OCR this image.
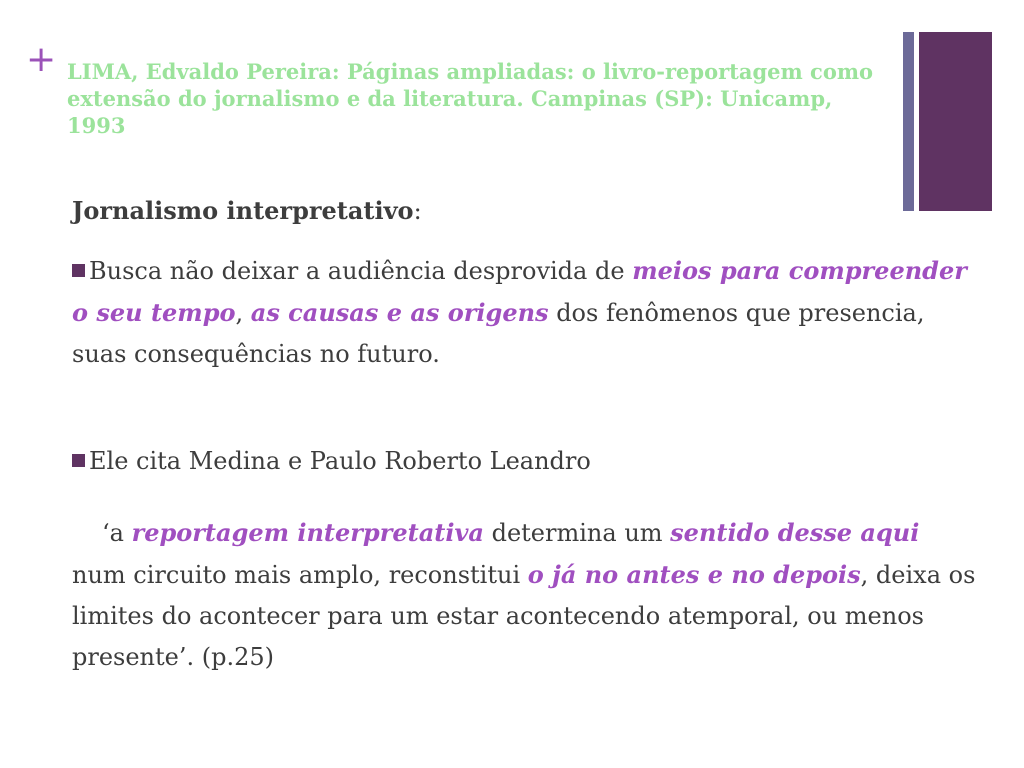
+ LIMA, Edvaldo Pereira: Páginas ampliadas: o livro-reportagem como extensão do jornalismo e da literatura. Campinas (SP): Unicamp, 1993

Jornalismo interpretativo:

Busca não deixar a audiência desprovida de meios para compreender o seu tempo, as causas e as origens dos fenômenos que presencia, suas consequências no futuro.

Ele cita Medina e Paulo Roberto Leandro

‘a reportagem interpretativa determina um sentido desse aqui num circuito mais amplo, reconstitui o já no antes e no depois, deixa os limites do acontecer para um estar acontecendo atemporal, ou menos presente’. (p.25)
